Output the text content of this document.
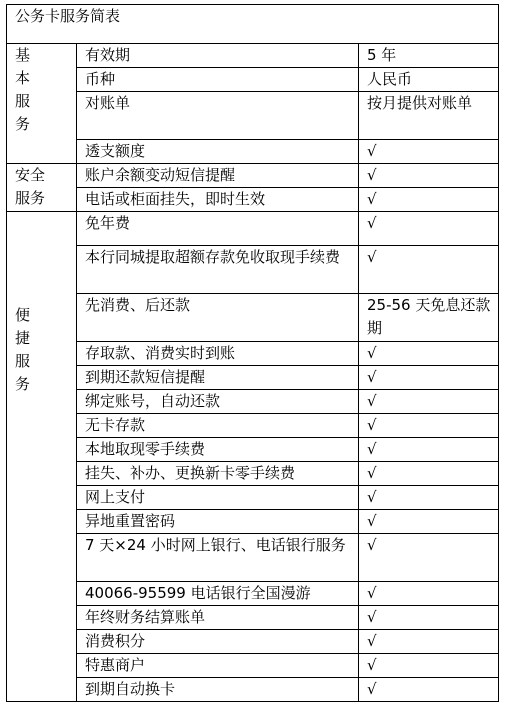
公务卡服务简表		

基
本
服
务	有效期	5 年
	币种	人民币
	对账单	按月提供对账单
	透支额度	√

安全
服务	账户余额变动短信提醒	√
	电话或柜面挂失，即时生效	√

便
捷
服
务	免年费	√
	本行同城提取超额存款免收取现手续费	√
	先消费、后还款	25-56 天免息还款期
	存取款、消费实时到账	√
	到期还款短信提醒	√
	绑定账号，自动还款	√
	无卡存款	√
	本地取现零手续费	√
	挂失、补办、更换新卡零手续费	√
	网上支付	√
	异地重置密码	√
	7 天×24 小时网上银行、电话银行服务	√
	40066-95599 电话银行全国漫游	√
	年终财务结算账单	√
	消费积分	√
	特惠商户	√
	到期自动换卡	√
